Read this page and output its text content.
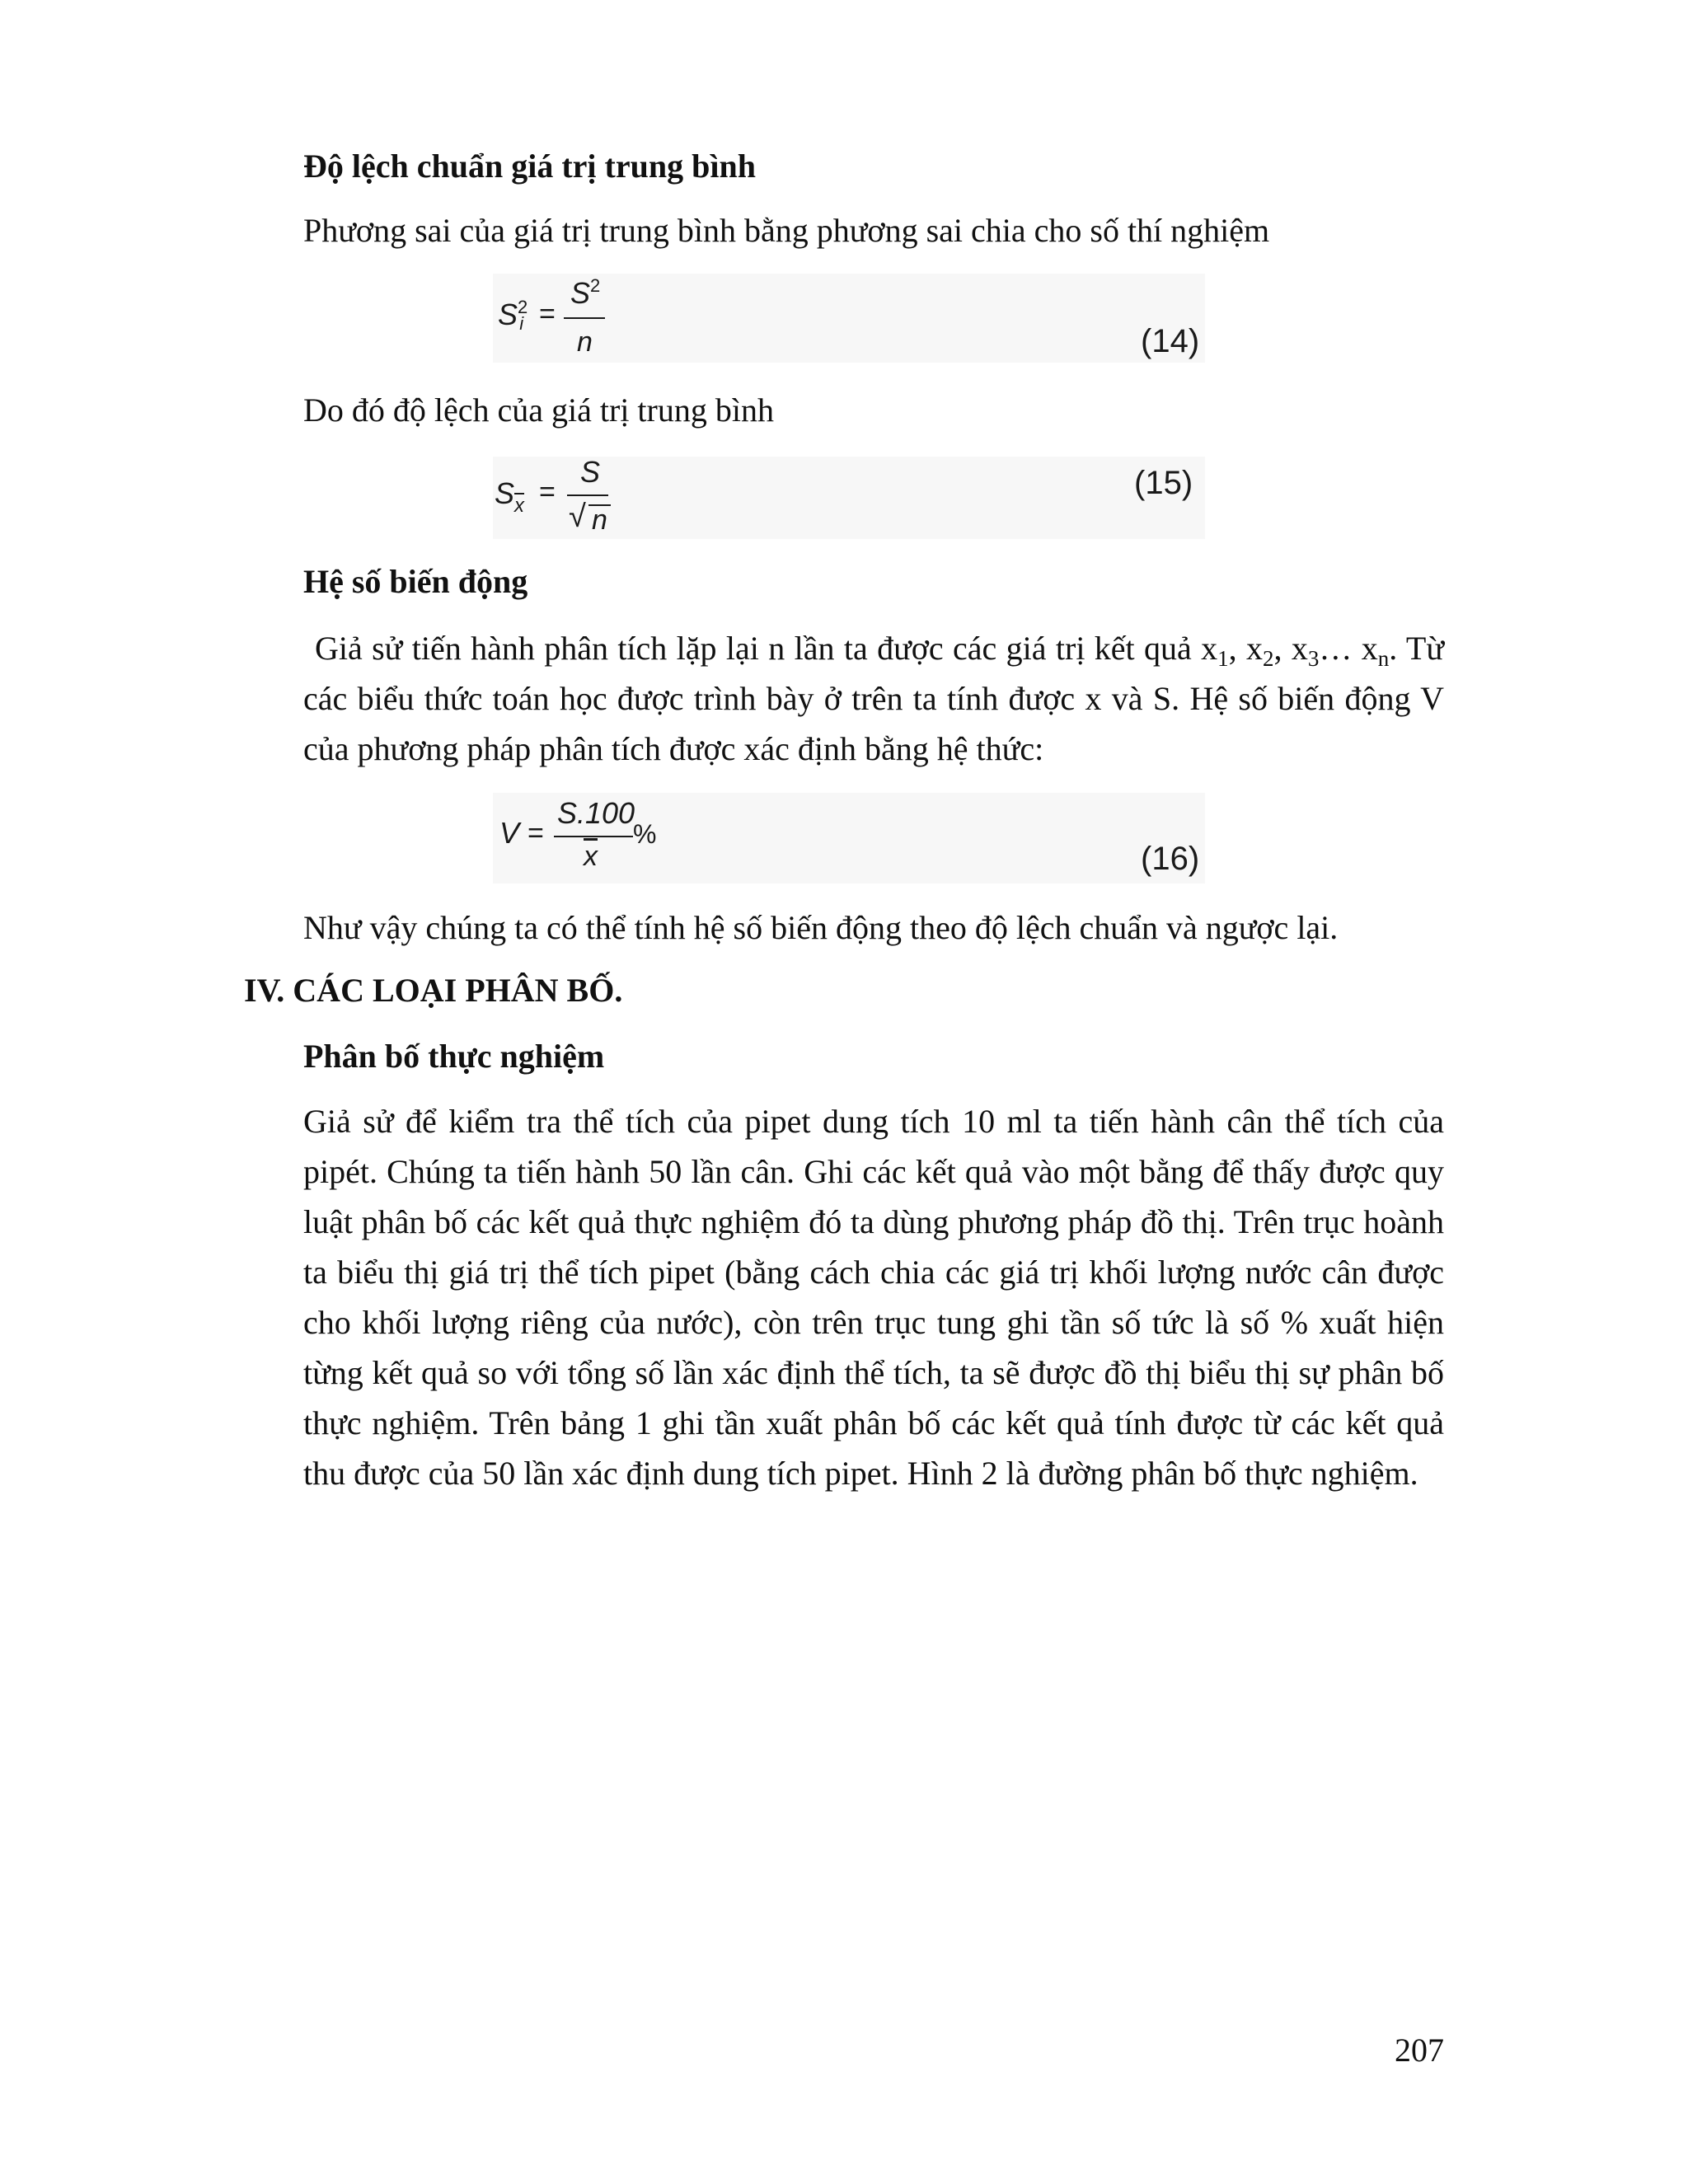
Độ lệch chuẩn giá trị trung bình
Phương sai của giá trị trung bình bằng phương sai chia cho số thí nghiệm
$S^2_i$ =
$S^2$
n	(14)
Do đó độ lệch của giá trị trung bình
$S_{\overline{x}}$ =
S
√ n
(15)
Hệ số biến động
Giả sử tiến hành phân tích lặp lại n lần ta được các giá trị kết quả $x_1$, $x_2$, $x_3\dots$ $x_n$. Từ các biểu thức toán học được trình bày ở trên ta tính được x và S. Hệ số biến động V của phương pháp phân tích được xác định bằng hệ thức:
V =
S.100
$\overline{x}$
%
(16)
Như vậy chúng ta có thể tính hệ số biến động theo độ lệch chuẩn và ngược lại.
IV. CÁC LOẠI PHÂN BỐ.
Phân bố thực nghiệm
Giả sử để kiểm tra thể tích của pipet dung tích 10 ml ta tiến hành cân thể tích của pipét. Chúng ta tiến hành 50 lần cân. Ghi các kết quả vào một bằng để thấy được quy luật phân bố các kết quả thực nghiệm đó ta dùng phương pháp đồ thị. Trên trục hoành ta biểu thị giá trị thể tích pipet (bằng cách chia các giá trị khối lượng nước cân được cho khối lượng riêng của nước), còn trên trục tung ghi tần số tức là số % xuất hiện từng kết quả so với tổng số lần xác định thể tích, ta sẽ được đồ thị biểu thị sự phân bố thực nghiệm. Trên bảng 1 ghi tần xuất phân bố các kết quả tính được từ các kết quả thu được của 50 lần xác định dung tích pipet. Hình 2 là đường phân bố thực nghiệm.
207
